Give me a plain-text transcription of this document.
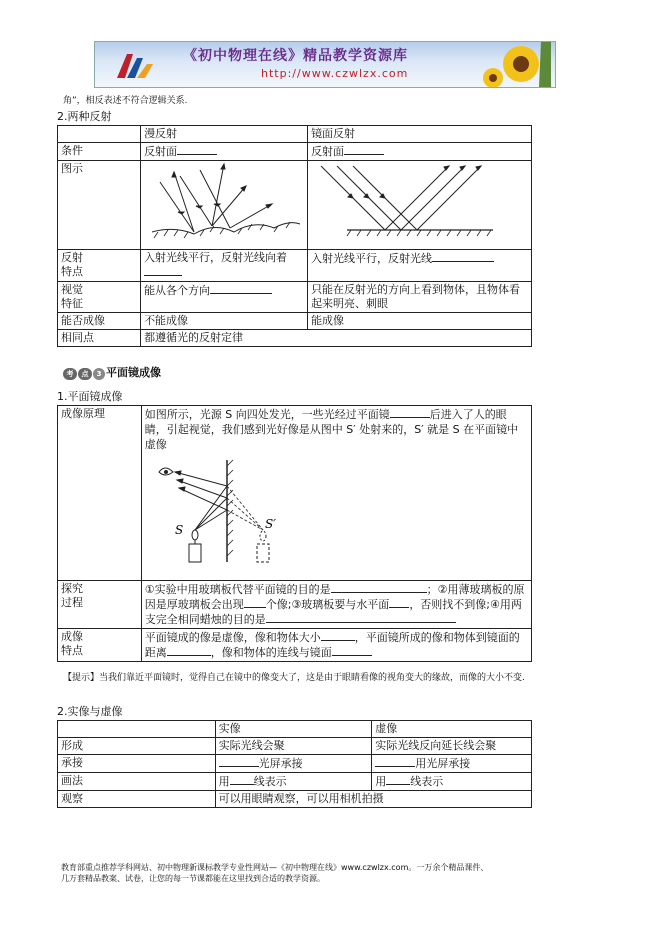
《初中物理在线》精品教学资源库
http://www.czwlzx.com
角”，相反表述不符合逻辑关系.
2.两种反射
	漫反射	镜面反射
条件	反射面	反射面
图示		

反射
特点	入射光线平行，反射光线向着	入射光线平行，反射光线

视觉
特征	能从各个方向	只能在反射光的方向上看到物体，且物体看起来明亮、刺眼
能否成像	不能成像	能成像
相同点	都遵循光的反射定律	
考 点 3 平面镜成像
1.平面镜成像
成像原理	如图所示，光源 S 向四处发光，一些光经过平面镜 后进入了人的眼睛，引起视觉，我们感到光好像是从图中 S′ 处射来的，S′ 就是 S 在平面镜中虚像
S S′

探究
过程	①实验中用玻璃板代替平面镜的目的是 ；②用薄玻璃板的原因是厚玻璃板会出现 个像;③玻璃板要与水平面 ，否则找不到像;④用两支完全相同蜡烛的目的是

成像
特点	平面镜成的像是虚像，像和物体大小 ，平面镜所成的像和物体到镜面的距离 ，像和物体的连线与镜面
【提示】当我们靠近平面镜时，觉得自己在镜中的像变大了，这是由于眼睛看像的视角变大的缘故，而像的大小不变.
2.实像与虚像
	实像	虚像
形成	实际光线会聚	实际光线反向延长线会聚
承接	光屏承接	用光屏承接
画法	用 线表示	用 线表示
观察	可以用眼睛观察，可以用相机拍摄	
教育部重点推荐学科网站、初中物理新课标教学专业性网站—《初中物理在线》www.czwlzx.com。一万余个精品课件、
几万套精品教案、试卷，让您的每一节课都能在这里找到合适的教学资源。
